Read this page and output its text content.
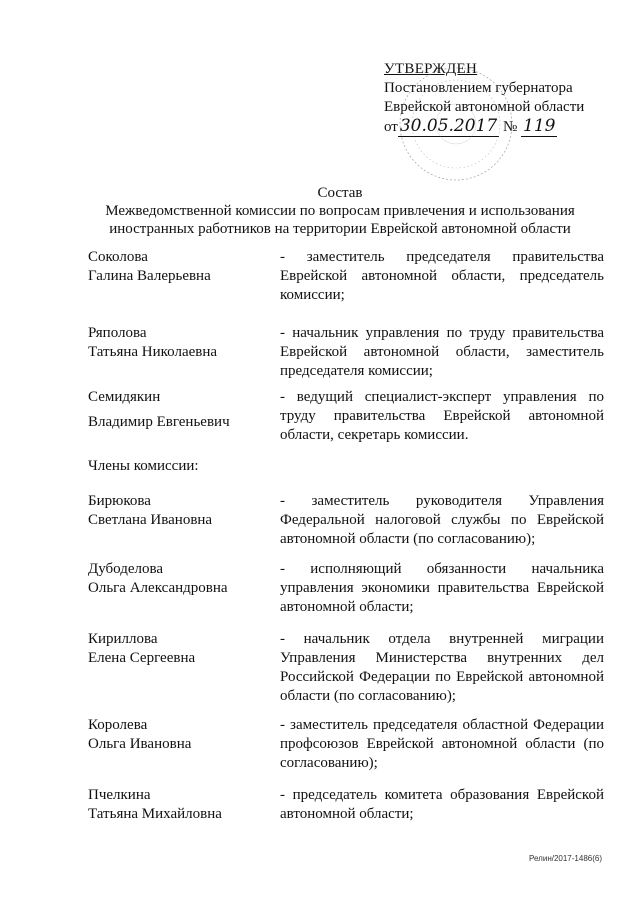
УТВЕРЖДЕН
Постановлением губернатора
Еврейской автономной области
от 30.05.2017 № 119
Состав
Межведомственной комиссии по вопросам привлечения и использования
иностранных работников на территории Еврейской автономной области
Соколова
Галина Валерьевна
- заместитель председателя правительства Еврейской автономной области, председатель комиссии;
Ряполова
Татьяна Николаевна
- начальник управления по труду правительства Еврейской автономной области, заместитель председателя комиссии;
Семидякин
Владимир Евгеньевич
- ведущий специалист-эксперт управления по труду правительства Еврейской автономной области, секретарь комиссии.
Члены комиссии:
Бирюкова
Светлана Ивановна
- заместитель руководителя Управления Федеральной налоговой службы по Еврейской автономной области (по согласованию);
Дубоделова
Ольга Александровна
- исполняющий обязанности начальника управления экономики правительства Еврейской автономной области;
Кириллова
Елена Сергеевна
- начальник отдела внутренней миграции Управления Министерства внутренних дел Российской Федерации по Еврейской автономной области (по согласованию);
Королева
Ольга Ивановна
- заместитель председателя областной Федерации профсоюзов Еврейской автономной области (по согласованию);
Пчелкина
Татьяна Михайловна
- председатель комитета образования Еврейской автономной области;
Релин/2017-1486(6)
